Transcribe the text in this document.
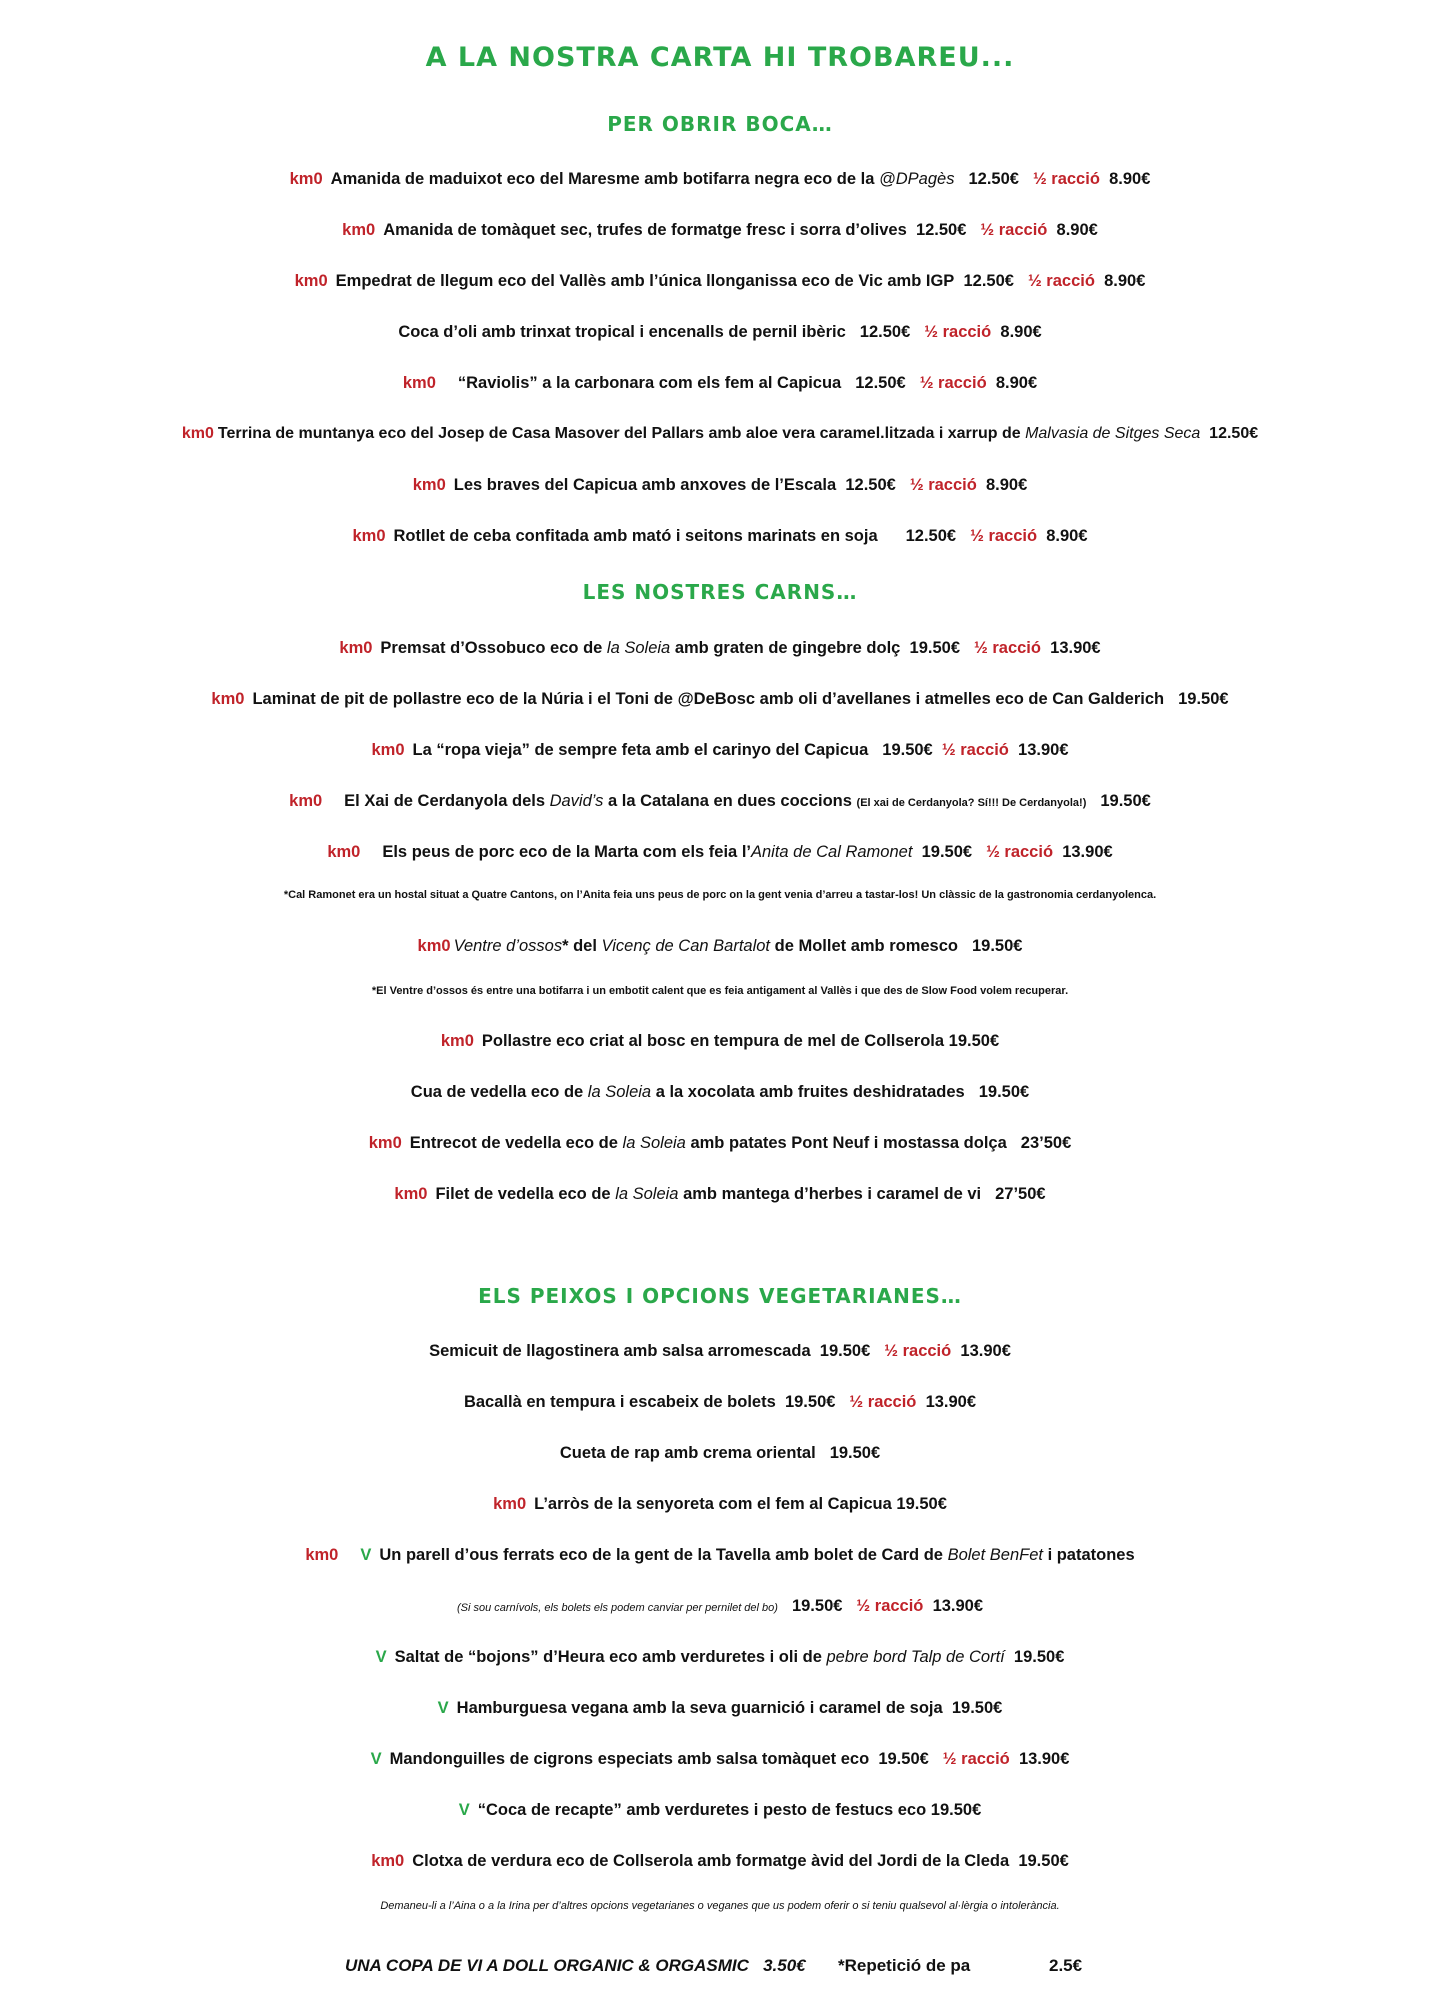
A LA NOSTRA CARTA HI TROBAREU...
PER OBRIR BOCA…
km0 Amanida de maduixot eco del Maresme amb botifarra negra eco de la @DPagès 12.50€ ½ racció 8.90€
km0 Amanida de tomàquet sec, trufes de formatge fresc i sorra d’olives 12.50€ ½ racció 8.90€
km0 Empedrat de llegum eco del Vallès amb l’única llonganissa eco de Vic amb IGP 12.50€ ½ racció 8.90€
Coca d’oli amb trinxat tropical i encenalls de pernil ibèric 12.50€ ½ racció 8.90€
km0 “Raviolis” a la carbonara com els fem al Capicua 12.50€ ½ racció 8.90€
km0 Terrina de muntanya eco del Josep de Casa Masover del Pallars amb aloe vera caramel.litzada i xarrup de Malvasia de Sitges Seca 12.50€
km0 Les braves del Capicua amb anxoves de l’Escala 12.50€ ½ racció 8.90€
km0 Rotllet de ceba confitada amb mató i seitons marinats en soja 12.50€ ½ racció 8.90€
LES NOSTRES CARNS…
km0 Premsat d’Ossobuco eco de la Soleia amb graten de gingebre dolç 19.50€ ½ racció 13.90€
km0 Laminat de pit de pollastre eco de la Núria i el Toni de @DeBosc amb oli d’avellanes i atmelles eco de Can Galderich 19.50€
km0 La “ropa vieja” de sempre feta amb el carinyo del Capicua 19.50€ ½ racció 13.90€
km0 El Xai de Cerdanyola dels David’s a la Catalana en dues coccions (El xai de Cerdanyola? Sí!!! De Cerdanyola!) 19.50€
km0 Els peus de porc eco de la Marta com els feia l’Anita de Cal Ramonet 19.50€ ½ racció 13.90€
*Cal Ramonet era un hostal situat a Quatre Cantons, on l’Anita feia uns peus de porc on la gent venia d’arreu a tastar-los! Un clàssic de la gastronomia cerdanyolenca.
km0 Ventre d’ossos* del Vicenç de Can Bartalot de Mollet amb romesco 19.50€
*El Ventre d’ossos és entre una botifarra i un embotit calent que es feia antigament al Vallès i que des de Slow Food volem recuperar.
km0 Pollastre eco criat al bosc en tempura de mel de Collserola 19.50€
Cua de vedella eco de la Soleia a la xocolata amb fruites deshidratades 19.50€
km0 Entrecot de vedella eco de la Soleia amb patates Pont Neuf i mostassa dolça 23’50€
km0 Filet de vedella eco de la Soleia amb mantega d’herbes i caramel de vi 27’50€
ELS PEIXOS I OPCIONS VEGETARIANES…
Semicuit de llagostinera amb salsa arromescada 19.50€ ½ racció 13.90€
Bacallà en tempura i escabeix de bolets 19.50€ ½ racció 13.90€
Cueta de rap amb crema oriental 19.50€
km0 L’arròs de la senyoreta com el fem al Capicua 19.50€
km0 V Un parell d’ous ferrats eco de la gent de la Tavella amb bolet de Card de Bolet BenFet i patatones
(Si sou carnívols, els bolets els podem canviar per pernilet del bo) 19.50€ ½ racció 13.90€
V Saltat de “bojons” d’Heura eco amb verduretes i oli de pebre bord Talp de Cortí 19.50€
V Hamburguesa vegana amb la seva guarnició i caramel de soja 19.50€
V Mandonguilles de cigrons especiats amb salsa tomàquet eco 19.50€ ½ racció 13.90€
V “Coca de recapte” amb verduretes i pesto de festucs eco 19.50€
km0 Clotxa de verdura eco de Collserola amb formatge àvid del Jordi de la Cleda 19.50€
Demaneu-li a l’Aina o a la Irina per d’altres opcions vegetarianes o veganes que us podem oferir o si teniu qualsevol al·lèrgia o intolerància.
UNA COPA DE VI A DOLL ORGANIC & ORGASMIC 3.50€ *Repetició de pa	2.5€
